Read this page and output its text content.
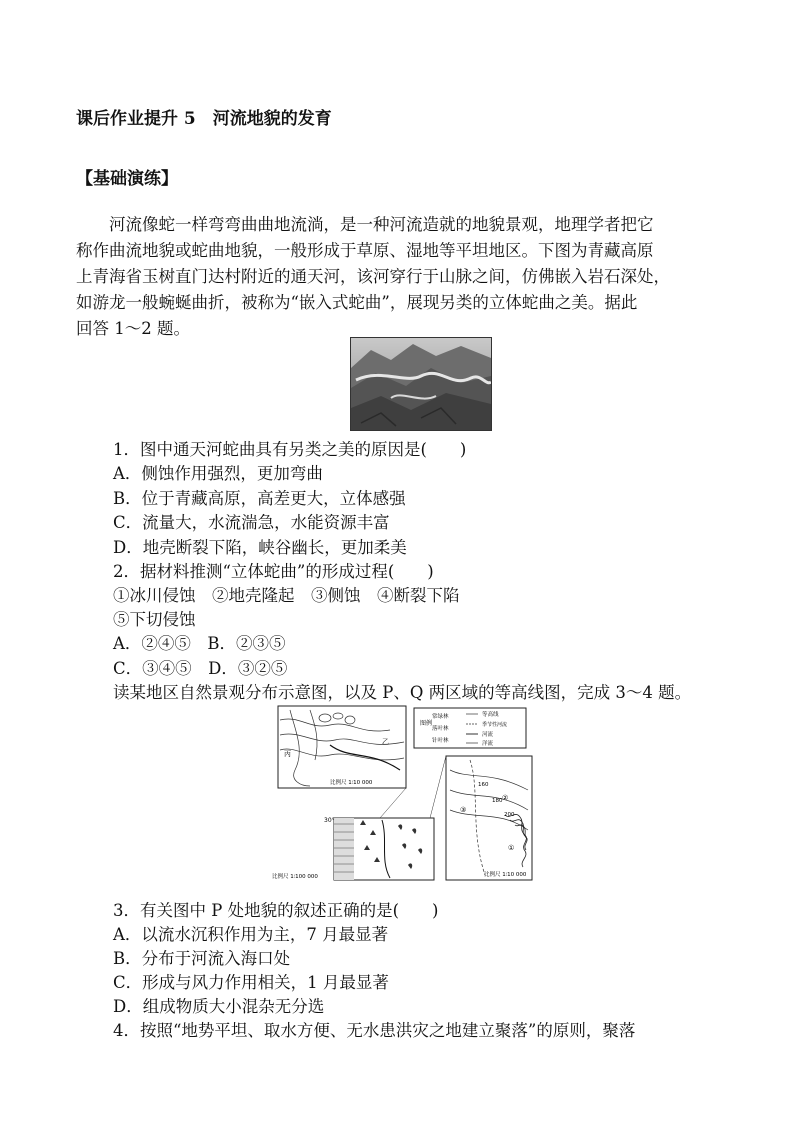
课后作业提升 5　河流地貌的发育
【基础演练】

　　河流像蛇一样弯弯曲曲地流淌，是一种河流造就的地貌景观，地理学者把它

称作曲流地貌或蛇曲地貌，一般形成于草原、湿地等平坦地区。下图为青藏高原

上青海省玉树直门达村附近的通天河，该河穿行于山脉之间，仿佛嵌入岩石深处，

如游龙一般蜿蜒曲折，被称为“嵌入式蛇曲”，展现另类的立体蛇曲之美。据此

回答 1～2 题。

1．图中通天河蛇曲具有另类之美的原因是(　　)
A．侧蚀作用强烈，更加弯曲
B．位于青藏高原，高差更大，立体感强
C．流量大，水流湍急，水能资源丰富
D．地壳断裂下陷，峡谷幽长，更加柔美
2．据材料推测“立体蛇曲”的形成过程(　　)
①冰川侵蚀　②地壳隆起　③侧蚀　④断裂下陷
⑤下切侵蚀
A．②④⑤　B．②③⑤
C．③④⑤　D．③②⑤
读某地区自然景观分布示意图，以及 P、Q 两区域的等高线图，完成 3～4 题。
丙
乙
比例尺 1∶10 000
图例
常绿林
落叶林
针叶林
等高线
季节性河流
河流
洋流
30°
比例尺 1∶100 000
③
②
①
160
180
200
比例尺 1∶10 000
3．有关图中 P 处地貌的叙述正确的是(　　)
A．以流水沉积作用为主，7 月最显著
B．分布于河流入海口处
C．形成与风力作用相关，1 月最显著
D．组成物质大小混杂无分选
4．按照“地势平坦、取水方便、无水患洪灾之地建立聚落”的原则，聚落
